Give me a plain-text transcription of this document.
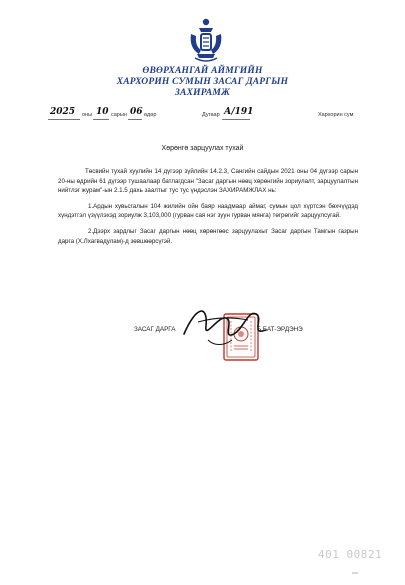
ӨВӨРХАНГАЙ АЙМГИЙН
ХАРХОРИН СУМЫН ЗАСАГ ДАРГЫН
ЗАХИРАМЖ
2025 оны 10 сарын 06 өдөр	Дугаар А/191	Хархорин сум
Хөрөнгө зарцуулах тухай

Төсвийн тухай хуулийн 14 дүгээр зүйлийн 14.2.3, Сангийн сайдын 2021 оны 04 дүгээр сарын 20-ны өдрийн 61 дүгээр тушаалаар батлагдсан "Засаг даргын нөөц хөрөнгийн зориулалт, зарцуулалтын нийтлэг журам"-ын 2.1.5 дахь заалтыг тус тус үндэслэн ЗАХИРАМЖЛАХ нь:

1.Ардын хувьсгалын 104 жилийн ойн баяр наадмаар аймаг, сумын цол хүртсэн бөхчүүдэд хүндэтгэл үзүүлэхэд зориулж 3,103,000 (гурван сая нэг зуун гурван мянга) төгрөгийг зарцуулсугай.

2.Дээрх зардлыг Засаг даргын нөөц хөрөнгөөс зарцуулахыг Засаг даргын Тамгын газрын дарга (Х.Лхагвадулам)-д зөвшөөрсүгэй.

ЗАСАГ ДАРГА	Б.БАТ-ЭРДЭНЭ
401 00821
